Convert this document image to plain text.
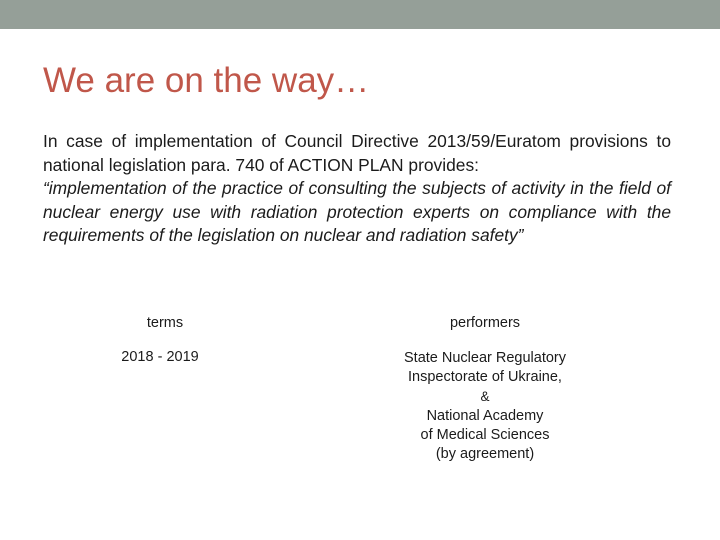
We are on the way…

In case of implementation of Council Directive 2013/59/Euratom provisions to national legislation para. 740 of ACTION PLAN provides:

“implementation of the practice of consulting the subjects of activity in the field of nuclear energy use with radiation protection experts on compliance with the requirements of the legislation on nuclear and radiation safety”

terms	performers
2018 - 2019	State Nuclear Regulatory
Inspectorate of Ukraine,
&
National Academy
of Medical Sciences
(by agreement)
